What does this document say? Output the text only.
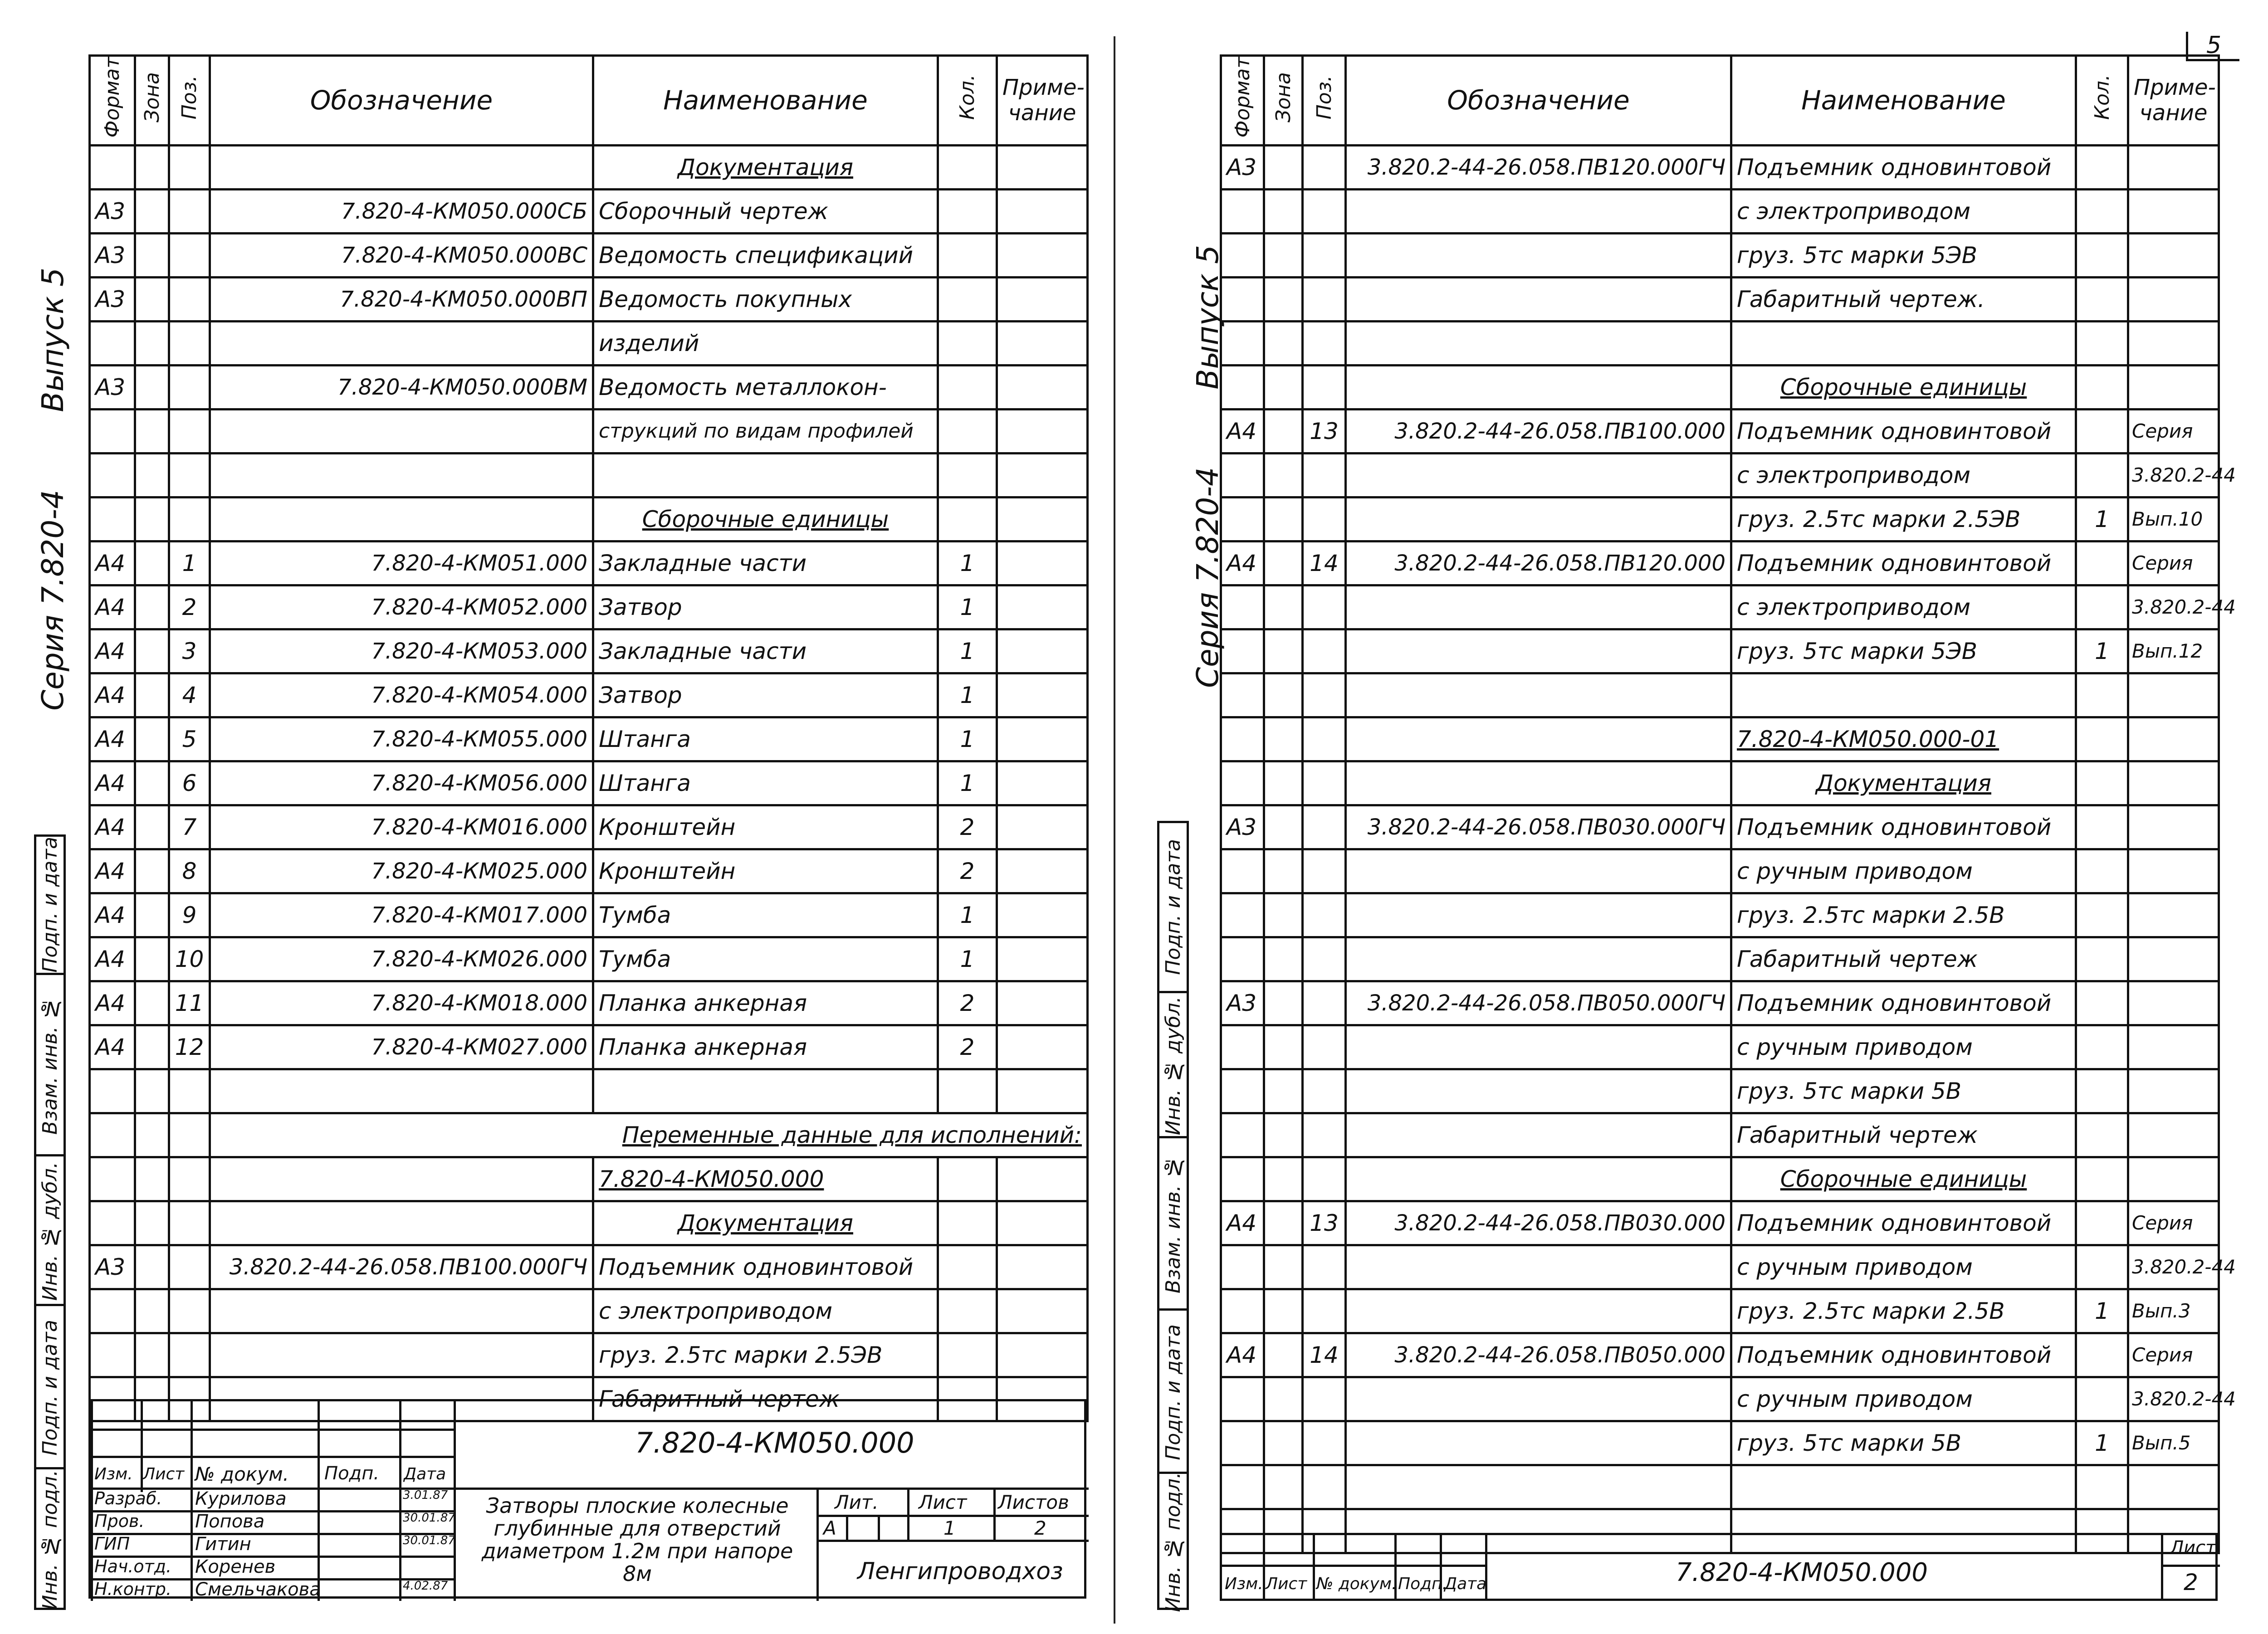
Выпуск 5
Серия 7.820-4
Подп. и дата
Взам. инв. №
Инв. № дубл.
Подп. и дата
Инв. № подл.
Формат	Зона	Поз.	Обозначение	Наименование	Кол.	Приме-
чание
				Документация		
А3			7.820-4-КМ050.000СБ	Сборочный чертеж		
А3			7.820-4-КМ050.000ВС	Ведомость спецификаций		
А3			7.820-4-КМ050.000ВП	Ведомость покупных		
				изделий		
А3			7.820-4-КМ050.000ВМ	Ведомость металлокон-		
				струкций по видам профилей		

				Сборочные единицы		
А4		1	7.820-4-КМ051.000	Закладные части	1	
А4		2	7.820-4-КМ052.000	Затвор	1	
А4		3	7.820-4-КМ053.000	Закладные части	1	
А4		4	7.820-4-КМ054.000	Затвор	1	
А4		5	7.820-4-КМ055.000	Штанга	1	
А4		6	7.820-4-КМ056.000	Штанга	1	
А4		7	7.820-4-КМ016.000	Кронштейн	2	
А4		8	7.820-4-КМ025.000	Кронштейн	2	
А4		9	7.820-4-КМ017.000	Тумба	1	
А4		10	7.820-4-КМ026.000	Тумба	1	
А4		11	7.820-4-КМ018.000	Планка анкерная	2	
А4		12	7.820-4-КМ027.000	Планка анкерная	2	

			Переменные данные для исполнений:			
				7.820-4-КМ050.000		
				Документация		
А3			3.820.2-44-26.058.ПВ100.000ГЧ	Подъемник одновинтовой		
				с электроприводом		
				груз. 2.5тс марки 2.5ЭВ		
				Габаритный чертеж		
Изм. Лист № докум. Подп. Дата
Разраб. Курилова	3.01.87
Пров.	Попова	30.01.87
ГИП	Гитин	30.01.87
Нач.отд. Коренев
Н.контр. Смельчакова	4.02.87
7.820-4-КМ050.000
Затворы плоские колесные глубинные для отверстий диаметром 1.2м при напоре 8м
Лит. Лист Листов
А	1	2
Ленгипроводхоз
5
Выпуск 5
Серия 7.820-4
Подп. и дата
Инв. № дубл.
Взам. инв. №
Подп. и дата
Инв. № подл.
Формат	Зона	Поз.	Обозначение	Наименование	Кол.	Приме-
чание
А3			3.820.2-44-26.058.ПВ120.000ГЧ	Подъемник одновинтовой		
				с электроприводом		
				груз. 5тс марки 5ЭВ		
				Габаритный чертеж.		

				Сборочные единицы		
А4		13	3.820.2-44-26.058.ПВ100.000	Подъемник одновинтовой		Серия
				с электроприводом		3.820.2-44
				груз. 2.5тс марки 2.5ЭВ	1	Вып.10
А4		14	3.820.2-44-26.058.ПВ120.000	Подъемник одновинтовой		Серия
				с электроприводом		3.820.2-44
				груз. 5тс марки 5ЭВ	1	Вып.12

				7.820-4-КМ050.000-01		
				Документация		
А3			3.820.2-44-26.058.ПВ030.000ГЧ	Подъемник одновинтовой		
				с ручным приводом		
				груз. 2.5тс марки 2.5В		
				Габаритный чертеж		
А3			3.820.2-44-26.058.ПВ050.000ГЧ	Подъемник одновинтовой		
				с ручным приводом		
				груз. 5тс марки 5В		
				Габаритный чертеж		
				Сборочные единицы		
А4		13	3.820.2-44-26.058.ПВ030.000	Подъемник одновинтовой		Серия
				с ручным приводом		3.820.2-44
				груз. 2.5тс марки 2.5В	1	Вып.3
А4		14	3.820.2-44-26.058.ПВ050.000	Подъемник одновинтовой		Серия
				с ручным приводом		3.820.2-44
				груз. 5тс марки 5В	1	Вып.5

Изм. Лист № докум. Подп.
Дата	7.820-4-КМ050.000
Лист
2
